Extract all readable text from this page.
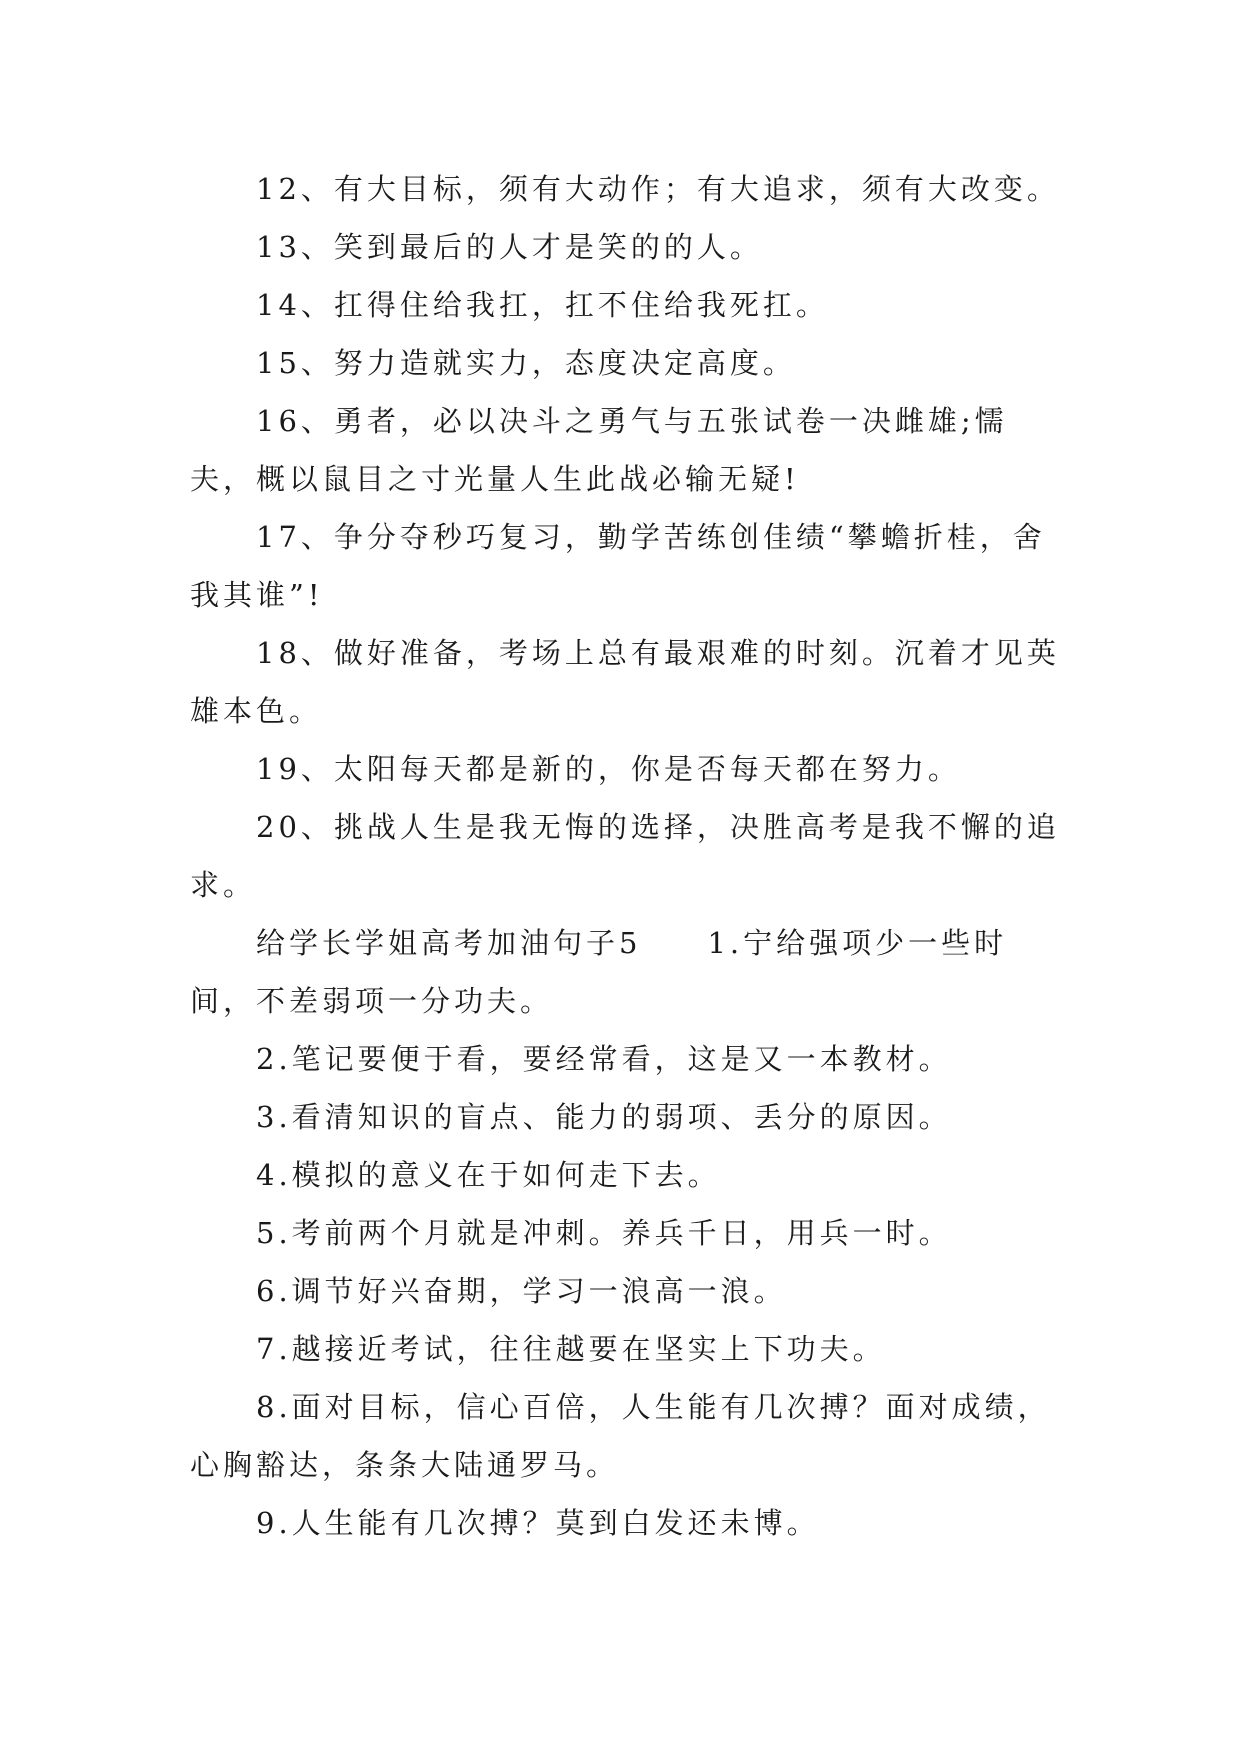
12、有大目标，须有大动作；有大追求，须有大改变。

13、笑到最后的人才是笑的的人。

14、扛得住给我扛，扛不住给我死扛。

15、努力造就实力，态度决定高度。

16、勇者，必以决斗之勇气与五张试卷一决雌雄;懦夫，概以鼠目之寸光量人生此战必输无疑!

17、争分夺秒巧复习，勤学苦练创佳绩“攀蟾折桂，舍我其谁”!

18、做好准备，考场上总有最艰难的时刻。沉着才见英雄本色。

19、太阳每天都是新的，你是否每天都在努力。

20、挑战人生是我无悔的选择，决胜高考是我不懈的追求。

给学长学姐高考加油句子5　　1.宁给强项少一些时间，不差弱项一分功夫。

2.笔记要便于看，要经常看，这是又一本教材。

3.看清知识的盲点、能力的弱项、丢分的原因。

4.模拟的意义在于如何走下去。

5.考前两个月就是冲刺。养兵千日，用兵一时。

6.调节好兴奋期，学习一浪高一浪。

7.越接近考试，往往越要在坚实上下功夫。

8.面对目标，信心百倍，人生能有几次搏？面对成绩，心胸豁达，条条大陆通罗马。

9.人生能有几次搏？莫到白发还未博。
